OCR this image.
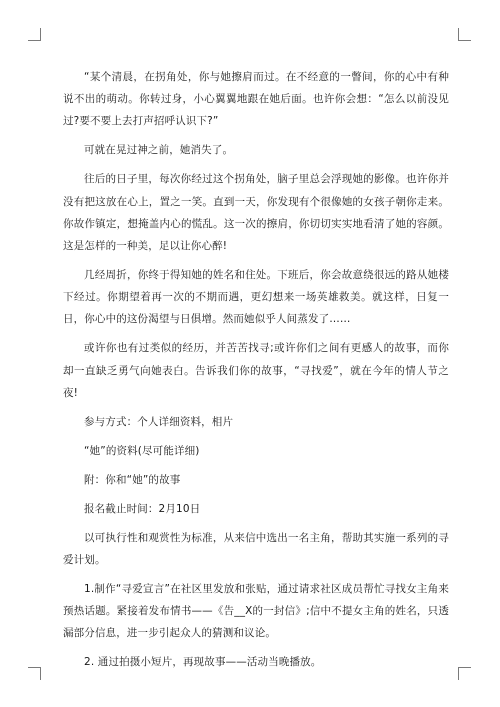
“某个清晨，在拐角处，你与她擦肩而过。在不经意的一瞥间，你的心中有种说不出的萌动。你转过身，小心翼翼地跟在她后面。也许你会想：“怎么以前没见过?要不要上去打声招呼认识下?”

可就在晃过神之前，她消失了。

往后的日子里，每次你经过这个拐角处，脑子里总会浮现她的影像。也许你并没有把这放在心上，置之一笑。直到一天，你发现有个很像她的女孩子朝你走来。你故作镇定，想掩盖内心的慌乱。这一次的擦肩，你切切实实地看清了她的容颜。这是怎样的一种美，足以让你心醉!

几经周折，你终于得知她的姓名和住处。下班后，你会故意绕很远的路从她楼下经过。你期望着再一次的不期而遇，更幻想来一场英雄救美。就这样，日复一日，你心中的这份渴望与日俱增。然而她似乎人间蒸发了……

或许你也有过类似的经历，并苦苦找寻;或许你们之间有更感人的故事，而你却一直缺乏勇气向她表白。告诉我们你的故事，“寻找爱”，就在今年的情人节之夜!

参与方式：个人详细资料，相片

“她”的资料(尽可能详细)

附：你和“她”的故事

报名截止时间：2月10日

以可执行性和观赏性为标准，从来信中选出一名主角，帮助其实施一系列的寻爱计划。

1.制作“寻爱宣言”在社区里发放和张贴，通过请求社区成员帮忙寻找女主角来预热话题。紧接着发布情书——《告__X的一封信》;信中不提女主角的姓名，只透漏部分信息，进一步引起众人的猜测和议论。

2. 通过拍摄小短片，再现故事——活动当晚播放。
